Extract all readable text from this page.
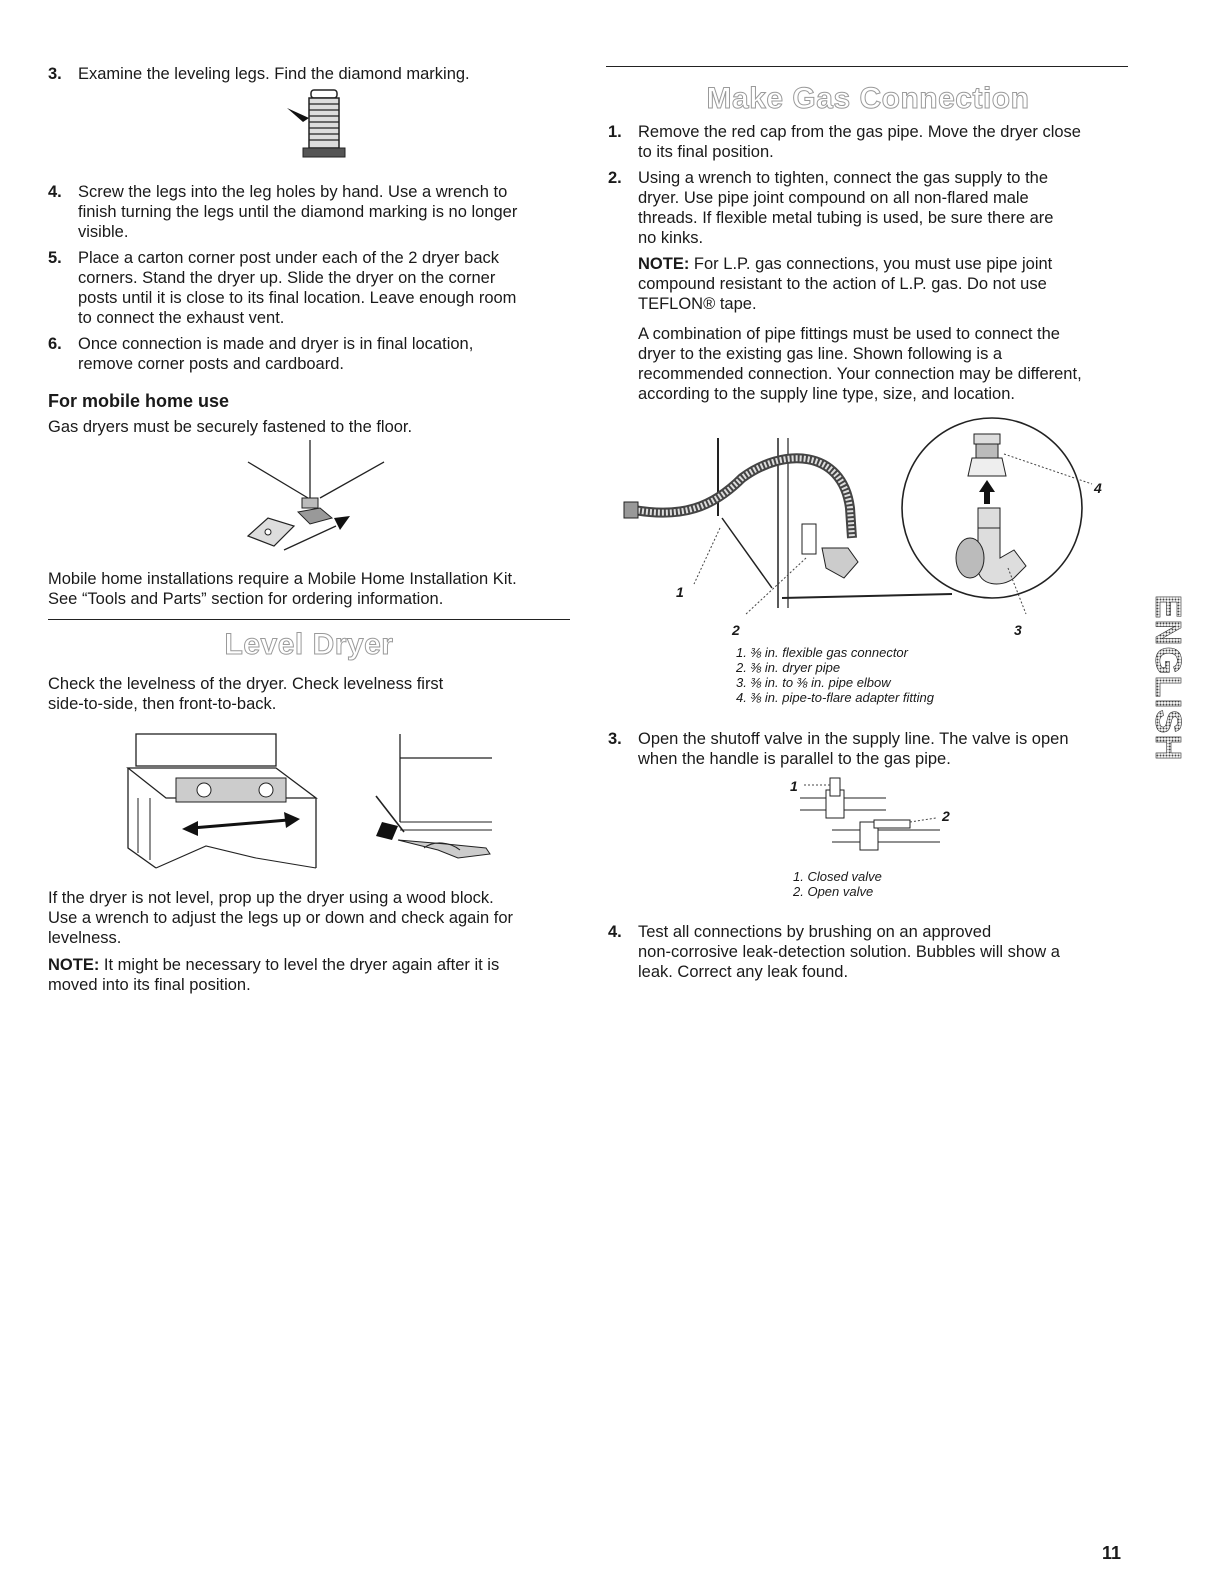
3. Examine the leveling legs. Find the diamond marking.
4. Screw the legs into the leg holes by hand. Use a wrench to
finish turning the legs until the diamond marking is no longer
visible.
5. Place a carton corner post under each of the 2 dryer back
corners. Stand the dryer up. Slide the dryer on the corner
posts until it is close to its final location. Leave enough room
to connect the exhaust vent.
6. Once connection is made and dryer is in final location,
remove corner posts and cardboard.
For mobile home use
Gas dryers must be securely fastened to the floor.
Mobile home installations require a Mobile Home Installation Kit.
See “Tools and Parts” section for ordering information.
Level Dryer
Check the levelness of the dryer. Check levelness first
side-to-side, then front-to-back.
If the dryer is not level, prop up the dryer using a wood block.
Use a wrench to adjust the legs up or down and check again for
levelness.
NOTE: It might be necessary to level the dryer again after it is
moved into its final position.
Make Gas Connection
1. Remove the red cap from the gas pipe. Move the dryer close
to its final position.
2. Using a wrench to tighten, connect the gas supply to the
dryer. Use pipe joint compound on all non-flared male
threads. If flexible metal tubing is used, be sure there are
no kinks.
NOTE: For L.P. gas connections, you must use pipe joint
compound resistant to the action of L.P. gas. Do not use
TEFLON® tape.
A combination of pipe fittings must be used to connect the
dryer to the existing gas line. Shown following is a
recommended connection. Your connection may be different,
according to the supply line type, size, and location.
1
2	3
4
1. ⅜ in. flexible gas connector
2. ⅜ in. dryer pipe
3. ⅜ in. to ⅜ in. pipe elbow
4. ⅜ in. pipe-to-flare adapter fitting
3. Open the shutoff valve in the supply line. The valve is open
when the handle is parallel to the gas pipe.
1
2
1. Closed valve
2. Open valve
4. Test all connections by brushing on an approved
non-corrosive leak-detection solution. Bubbles will show a
leak. Correct any leak found.
ENGLISH
11
